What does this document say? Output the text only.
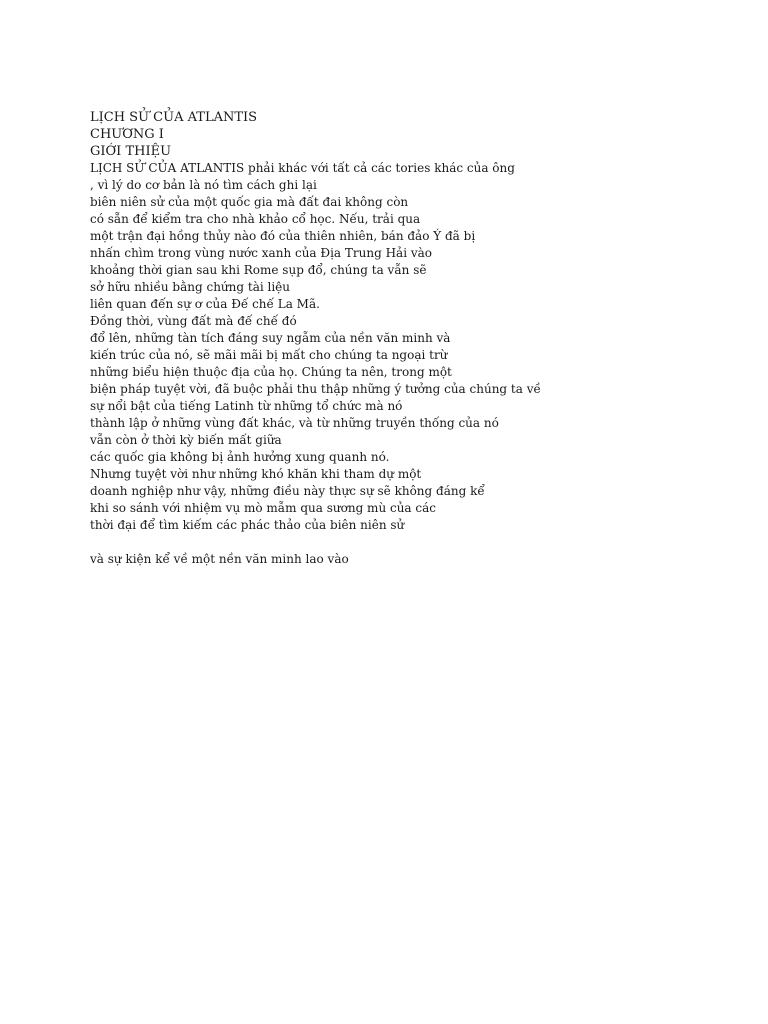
LỊCH SỬ CỦA ATLANTIS
CHƯƠNG I
GIỚI THIỆU
LỊCH SỬ CỦA ATLANTIS phải khác với tất cả các tories khác của ông
, vì lý do cơ bản là nó tìm cách ghi lại
biên niên sử của một quốc gia mà đất đai không còn
có sẵn để kiểm tra cho nhà khảo cổ học. Nếu, trải qua
một trận đại hồng thủy nào đó của thiên nhiên, bán đảo Ý đã bị
nhấn chìm trong vùng nước xanh của Địa Trung Hải vào
khoảng thời gian sau khi Rome sụp đổ, chúng ta vẫn sẽ
sở hữu nhiều bằng chứng tài liệu
liên quan đến sự ơ của Đế chế La Mã.
Đồng thời, vùng đất mà đế chế đó
đổ lên, những tàn tích đáng suy ngẫm của nền văn minh và
kiến trúc của nó, sẽ mãi mãi bị mất cho chúng ta ngoại trừ
những biểu hiện thuộc địa của họ. Chúng ta nên, trong một
biện pháp tuyệt vời, đã buộc phải thu thập những ý tưởng của chúng ta về
sự nổi bật của tiếng Latinh từ những tổ chức mà nó
thành lập ở những vùng đất khác, và từ những truyền thống của nó
vẫn còn ở thời kỳ biến mất giữa
các quốc gia không bị ảnh hưởng xung quanh nó.
Nhưng tuyệt vời như những khó khăn khi tham dự một
doanh nghiệp như vậy, những điều này thực sự sẽ không đáng kể
khi so sánh với nhiệm vụ mò mẫm qua sương mù của các
thời đại để tìm kiếm các phác thảo của biên niên sử
và sự kiện kể về một nền văn minh lao vào
